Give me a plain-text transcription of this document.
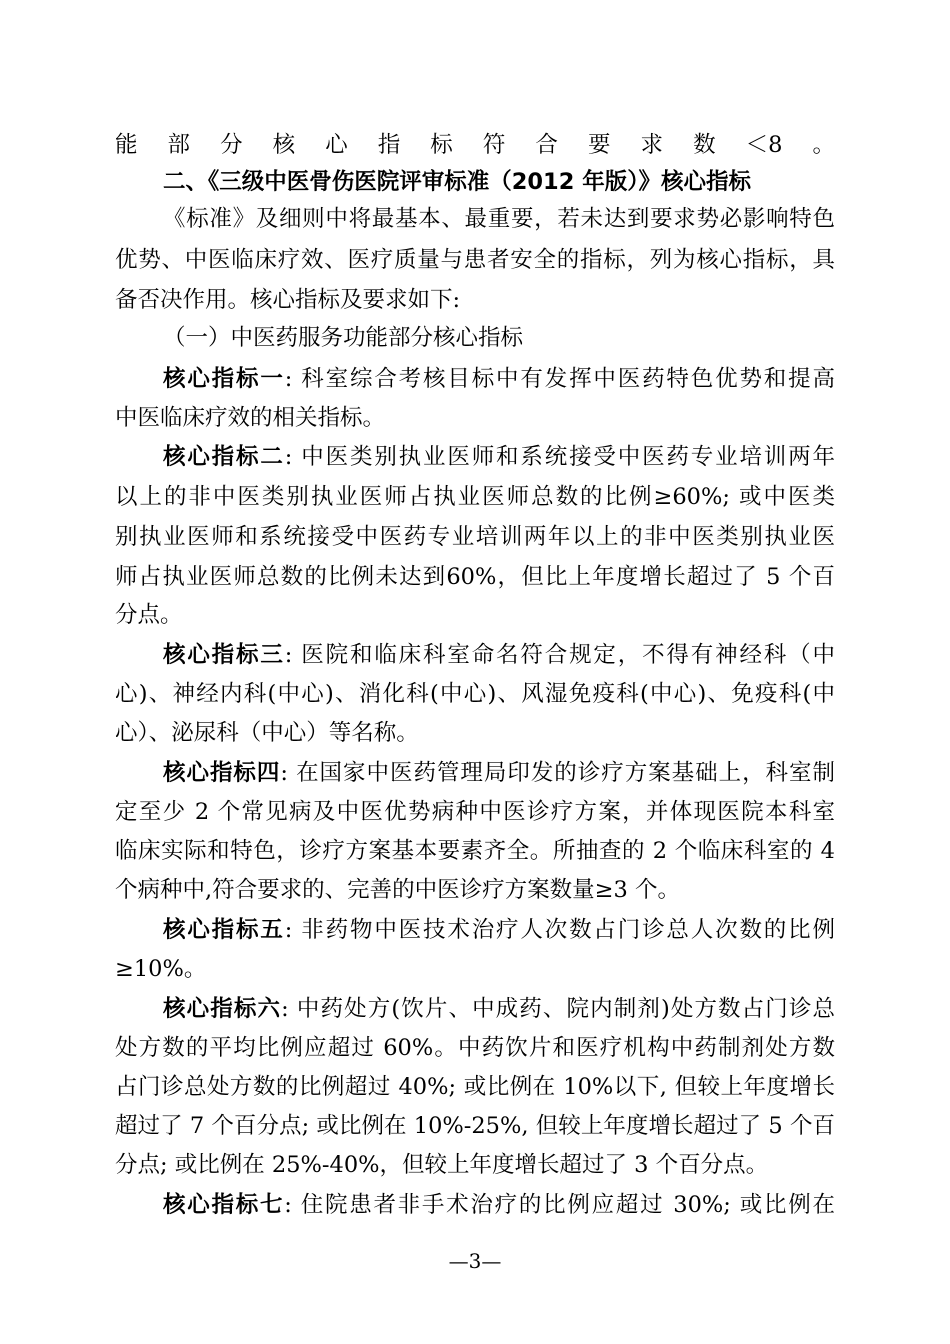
能部分核心指标符合要求数＜8。
二、《三级中医骨伤医院评审标准（2012 年版）》核心指标
《标准》及细则中将最基本、最重要，若未达到要求势必影响特色
优势、中医临床疗效、医疗质量与患者安全的指标，列为核心指标，具
备否决作用。核心指标及要求如下:
（一）中医药服务功能部分核心指标
核心指标一: 科室综合考核目标中有发挥中医药特色优势和提高
中医临床疗效的相关指标。
核心指标二: 中医类别执业医师和系统接受中医药专业培训两年
以上的非中医类别执业医师占执业医师总数的比例≥60%; 或中医类
别执业医师和系统接受中医药专业培训两年以上的非中医类别执业医
师占执业医师总数的比例未达到60%，但比上年度增长超过了 5 个百
分点。
核心指标三: 医院和临床科室命名符合规定，不得有神经科（中
心)、神经内科(中心)、消化科(中心)、风湿免疫科(中心)、免疫科(中
心）、泌尿科（中心）等名称。
核心指标四: 在国家中医药管理局印发的诊疗方案基础上，科室制
定至少 2 个常见病及中医优势病种中医诊疗方案，并体现医院本科室
临床实际和特色，诊疗方案基本要素齐全。所抽查的 2 个临床科室的 4
个病种中,符合要求的、完善的中医诊疗方案数量≥3 个。
核心指标五: 非药物中医技术治疗人次数占门诊总人次数的比例
≥10%。
核心指标六: 中药处方(饮片、中成药、院内制剂)处方数占门诊总
处方数的平均比例应超过 60%。中药饮片和医疗机构中药制剂处方数
占门诊总处方数的比例超过 40%; 或比例在 10%以下, 但较上年度增长
超过了 7 个百分点; 或比例在 10%-25%, 但较上年度增长超过了 5 个百
分点; 或比例在 25%-40%，但较上年度增长超过了 3 个百分点。
核心指标七: 住院患者非手术治疗的比例应超过 30%; 或比例在
—3—
